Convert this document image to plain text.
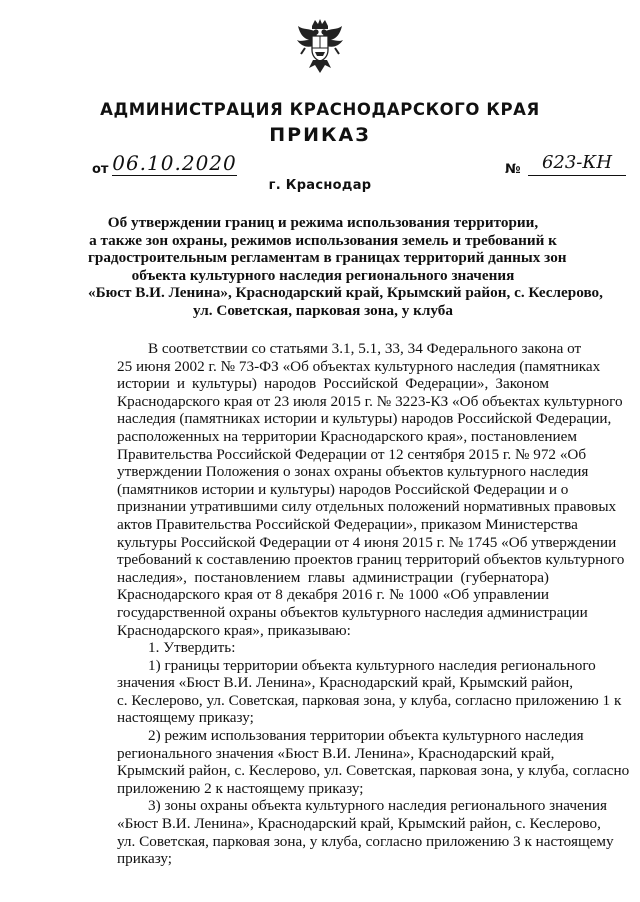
АДМИНИСТРАЦИЯ КРАСНОДАРСКОГО КРАЯ
ПРИКАЗ
от 06.10.2020	№	623-КН
г. Краснодар
Об утверждении границ и режима использования территории,
а также зон охраны, режимов использования земель и требований к
градостроительным регламентам в границах территорий данных зон
объекта культурного наследия регионального значения
«Бюст В.И. Ленина», Краснодарский край, Крымский район, с. Кеслерово,
ул. Советская, парковая зона, у клуба
В соответствии со статьями 3.1, 5.1, 33, 34 Федерального закона от
25 июня 2002 г. № 73-ФЗ «Об объектах культурного наследия (памятниках
истории и культуры) народов Российской Федерации», Законом
Краснодарского края от 23 июля 2015 г. № 3223-КЗ «Об объектах культурного
наследия (памятниках истории и культуры) народов Российской Федерации,
расположенных на территории Краснодарского края», постановлением
Правительства Российской Федерации от 12 сентября 2015 г. № 972 «Об
утверждении Положения о зонах охраны объектов культурного наследия
(памятников истории и культуры) народов Российской Федерации и о
признании утратившими силу отдельных положений нормативных правовых
актов Правительства Российской Федерации», приказом Министерства
культуры Российской Федерации от 4 июня 2015 г. № 1745 «Об утверждении
требований к составлению проектов границ территорий объектов культурного
наследия», постановлением главы администрации (губернатора)
Краснодарского края от 8 декабря 2016 г. № 1000 «Об управлении
государственной охраны объектов культурного наследия администрации
Краснодарского края», приказываю:
1. Утвердить:
1) границы территории объекта культурного наследия регионального
значения «Бюст В.И. Ленина», Краснодарский край, Крымский район,
с. Кеслерово, ул. Советская, парковая зона, у клуба, согласно приложению 1 к
настоящему приказу;
2) режим использования территории объекта культурного наследия
регионального значения «Бюст В.И. Ленина», Краснодарский край,
Крымский район, с. Кеслерово, ул. Советская, парковая зона, у клуба, согласно
приложению 2 к настоящему приказу;
3) зоны охраны объекта культурного наследия регионального значения
«Бюст В.И. Ленина», Краснодарский край, Крымский район, с. Кеслерово,
ул. Советская, парковая зона, у клуба, согласно приложению 3 к настоящему
приказу;
